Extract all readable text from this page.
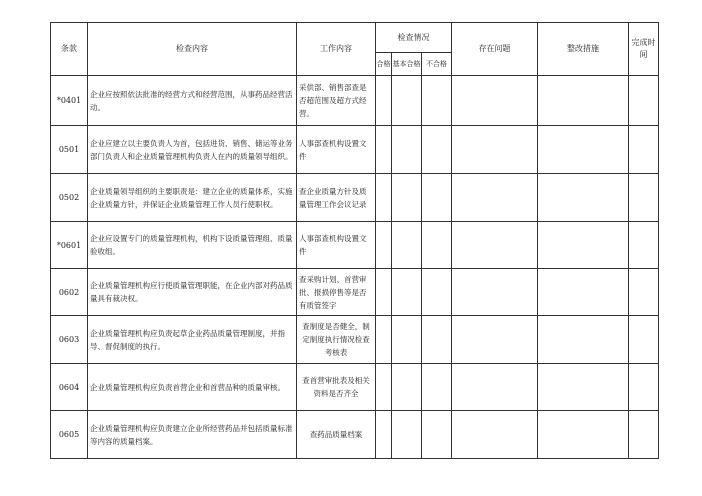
条款	检查内容	工作内容	检查情况			存在问题	整改措施	完成时间
			合格	基本合格	不合格			
*0401	企业应按照依法批准的经营方式和经营范围，从事药品经营活动。	采供部、销售部查是否超范围及超方式经营。						
0501	企业应建立以主要负责人为首，包括进货、销售、储运等业务部门负责人和企业质量管理机构负责人在内的质量领导组织。	人事部查机构设置文件						
0502	企业质量领导组织的主要职责是：建立企业的质量体系，实施企业质量方针，并保证企业质量管理工作人员行使职权。	查企业质量方针及质量管理工作会议记录						
*0601	企业应设置专门的质量管理机构，机构下设质量管理组、质量验收组。	人事部查机构设置文件						
0602	企业质量管理机构应行使质量管理职能，在企业内部对药品质量具有裁决权。	查采购计划、首营审批、报损停售等是否有质管签字						
0603	企业质量管理机构应负责起草企业药品质量管理制度，并指导、督促制度的执行。	查制度是否健全，制定制度执行情况检查考核表						
0604	企业质量管理机构应负责首营企业和首营品种的质量审核。	查首营审批表及相关资料是否齐全						
0605	企业质量管理机构应负责建立企业所经营药品并包括质量标准等内容的质量档案。	查药品质量档案						
